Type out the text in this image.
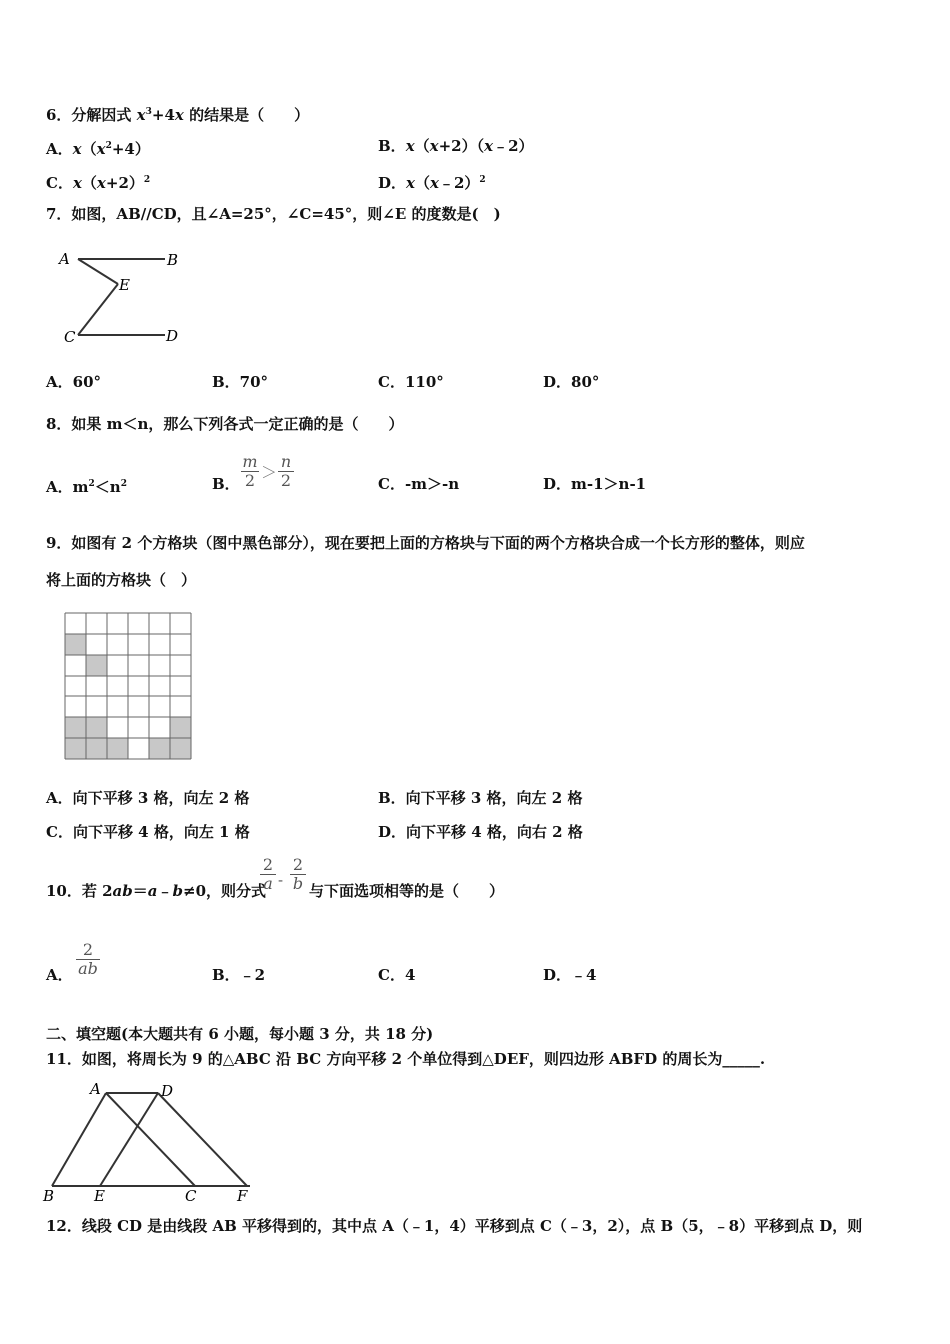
6．分解因式 $x^3+4x$ 的结果是（　　）
A．$x(x^2+4)$	B．x（x+2）（x﹣2）
C．$x(x+2)^2$	D．x（x﹣2）$^2$
7．如图，AB//CD，且∠A=25°，∠C=45°，则∠E 的度数是(　)
A	B
E
C	D
A．60°	B．70°	C．110°	D．80°
8．如果 m＜n，那么下列各式一定正确的是（　　）
A．$m^2<n^2$	B．
m
2 ＞
n
2	C．-m＞-n	D．m-1＞n-1
9．如图有 2 个方格块（图中黑色部分），现在要把上面的方格块与下面的两个方格块合成一个长方形的整体，则应
将上面的方格块（　）
A．向下平移 3 格，向左 2 格	B．向下平移 3 格，向左 2 格
C．向下平移 4 格，向左 1 格	D．向下平移 4 格，向右 2 格
10．若 2ab＝a﹣b≠0，则分式
2
a -
2
b 与下面选项相等的是（　　）
A．
2
ab	B．﹣2	C．4	D．﹣4
二、填空题(本大题共有 6 小题，每小题 3 分，共 18 分)
11．如图，将周长为 9 的△ABC 沿 BC 方向平移 2 个单位得到△DEF，则四边形 ABFD 的周长为_____.
A	D
B	E	C	F
12．线段 CD 是由线段 AB 平移得到的，其中点 A（﹣1，4）平移到点 C（﹣3，2），点 B（5，﹣8）平移到点 D，则
